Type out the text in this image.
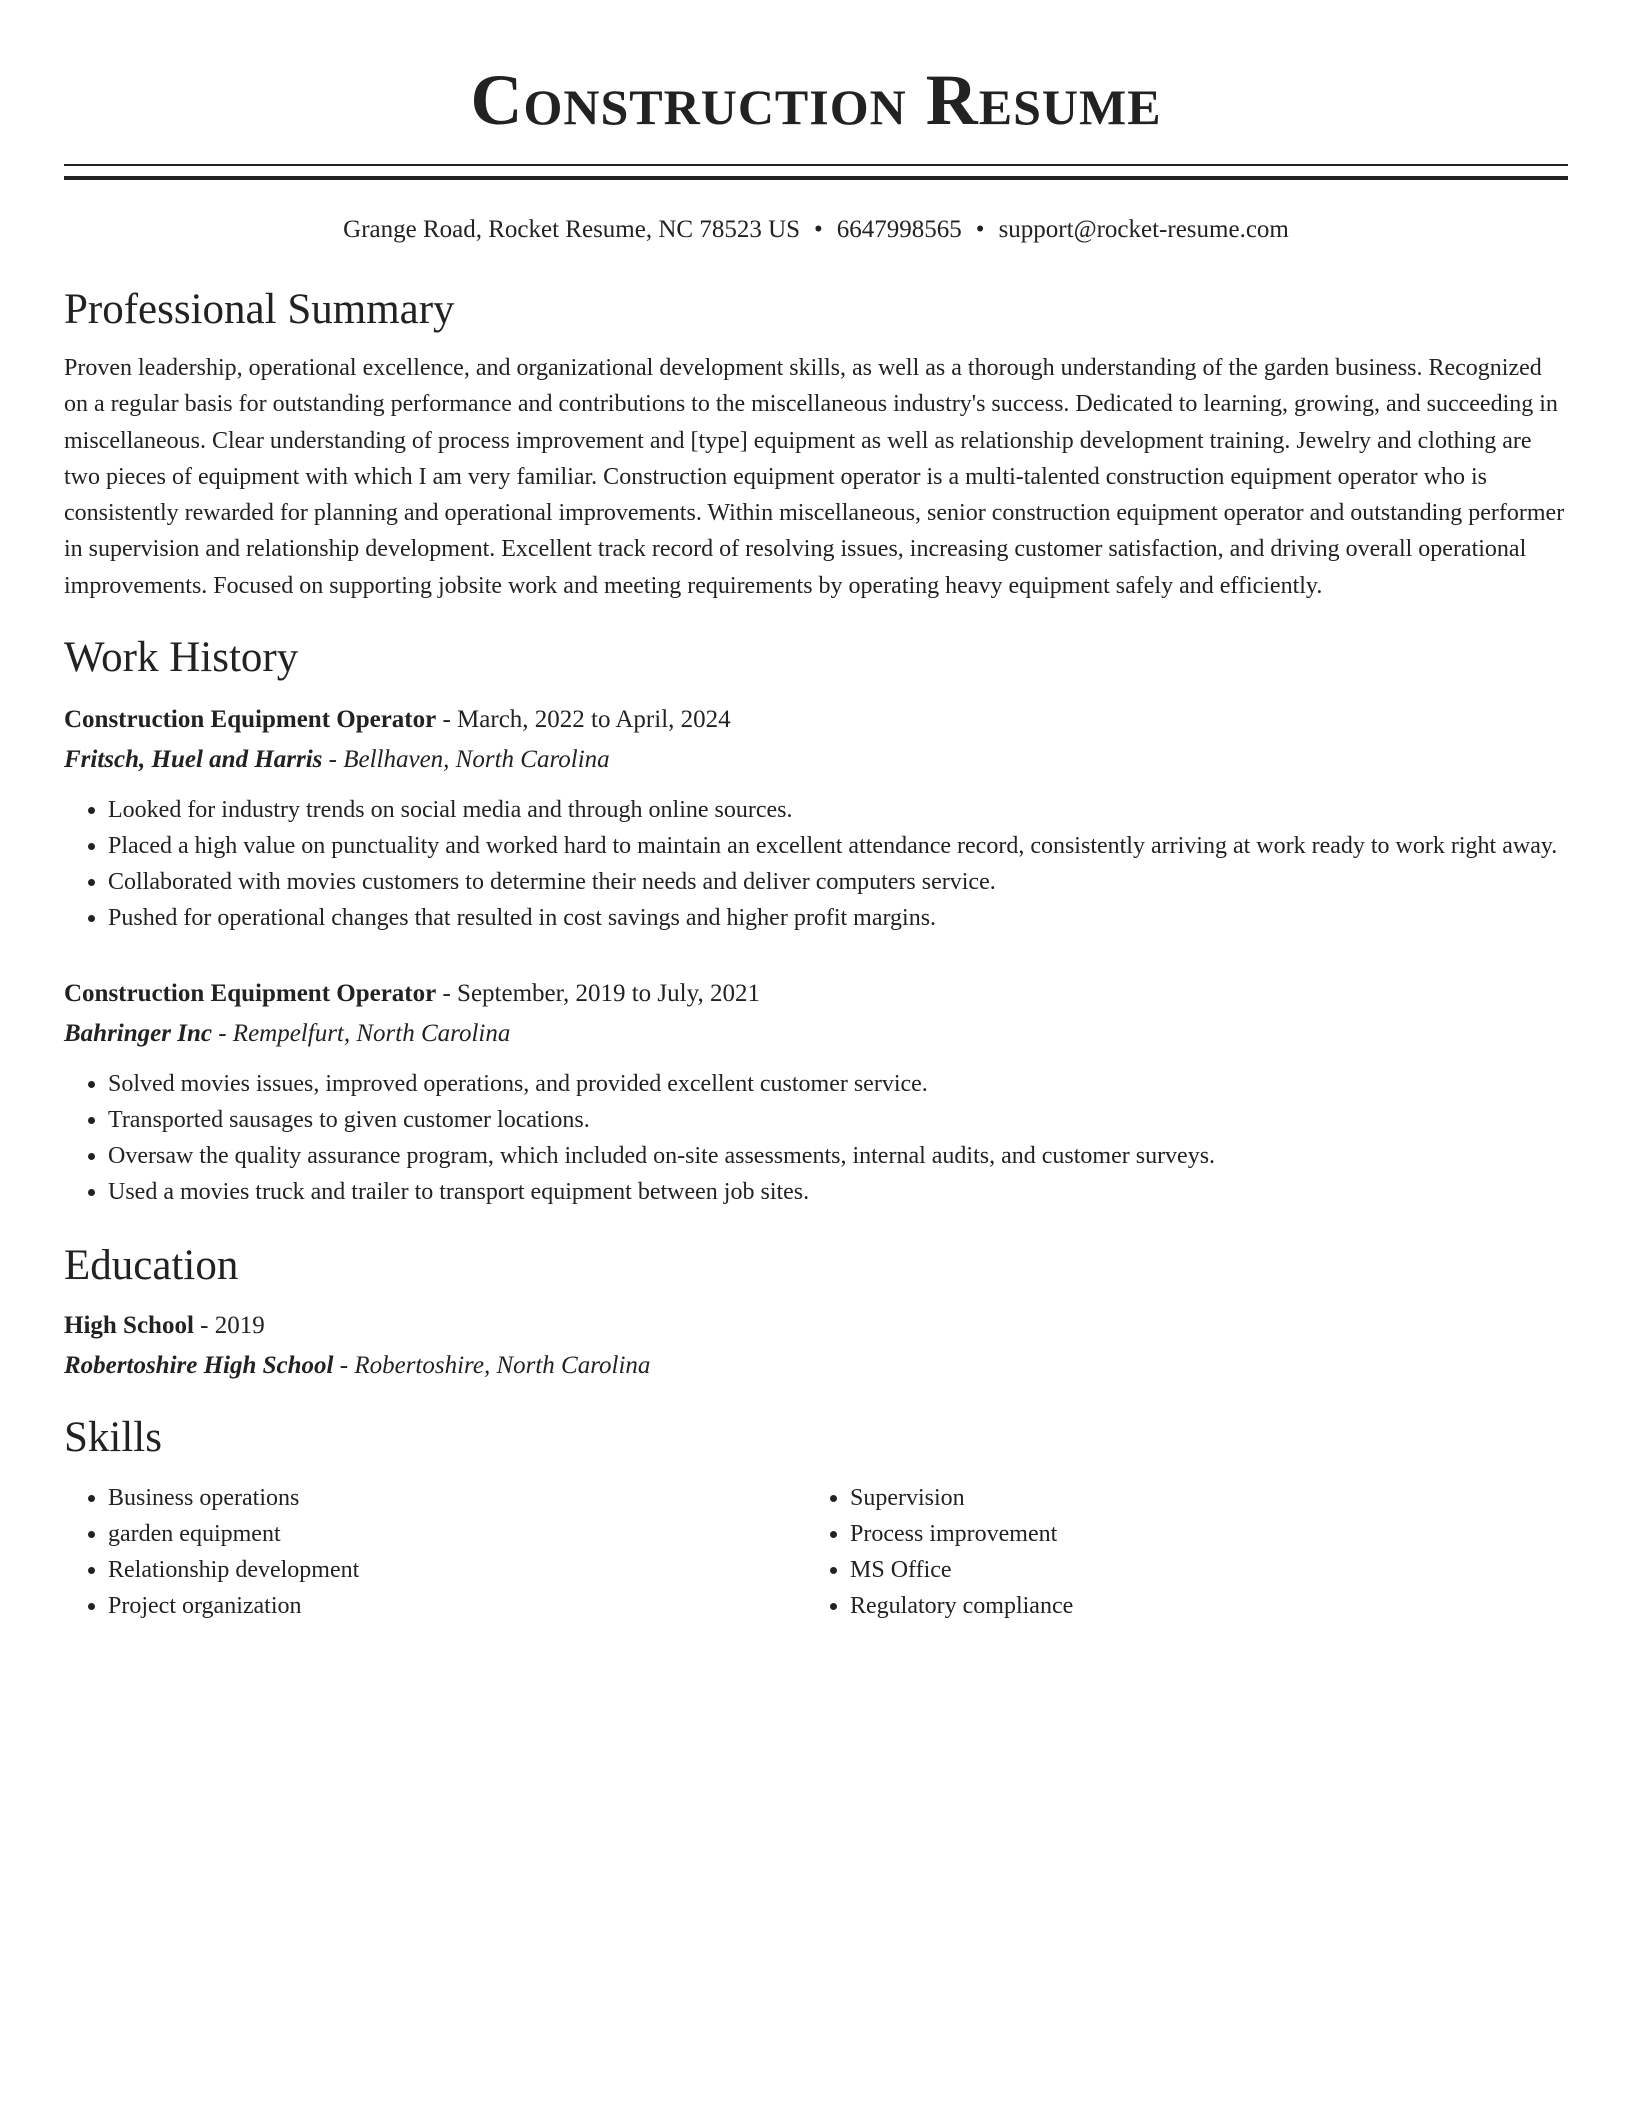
Construction Resume
Grange Road, Rocket Resume, NC 78523 US • 6647998565 • support@rocket-resume.com
Professional Summary
Proven leadership, operational excellence, and organizational development skills, as well as a thorough understanding of the garden business. Recognized on a regular basis for outstanding performance and contributions to the miscellaneous industry's success. Dedicated to learning, growing, and succeeding in miscellaneous. Clear understanding of process improvement and [type] equipment as well as relationship development training. Jewelry and clothing are two pieces of equipment with which I am very familiar. Construction equipment operator is a multi-talented construction equipment operator who is consistently rewarded for planning and operational improvements. Within miscellaneous, senior construction equipment operator and outstanding performer in supervision and relationship development. Excellent track record of resolving issues, increasing customer satisfaction, and driving overall operational improvements. Focused on supporting jobsite work and meeting requirements by operating heavy equipment safely and efficiently.
Work History
Construction Equipment Operator - March, 2022 to April, 2024
Fritsch, Huel and Harris - Bellhaven, North Carolina
• Looked for industry trends on social media and through online sources.
• Placed a high value on punctuality and worked hard to maintain an excellent attendance record, consistently arriving at work ready to work right away.
• Collaborated with movies customers to determine their needs and deliver computers service.
• Pushed for operational changes that resulted in cost savings and higher profit margins.
Construction Equipment Operator - September, 2019 to July, 2021
Bahringer Inc - Rempelfurt, North Carolina
• Solved movies issues, improved operations, and provided excellent customer service.
• Transported sausages to given customer locations.
• Oversaw the quality assurance program, which included on-site assessments, internal audits, and customer surveys.
• Used a movies truck and trailer to transport equipment between job sites.
Education
High School - 2019
Robertoshire High School - Robertoshire, North Carolina
Skills
• Business operations
• garden equipment
• Relationship development
• Project organization
• Supervision
• Process improvement
• MS Office
• Regulatory compliance
